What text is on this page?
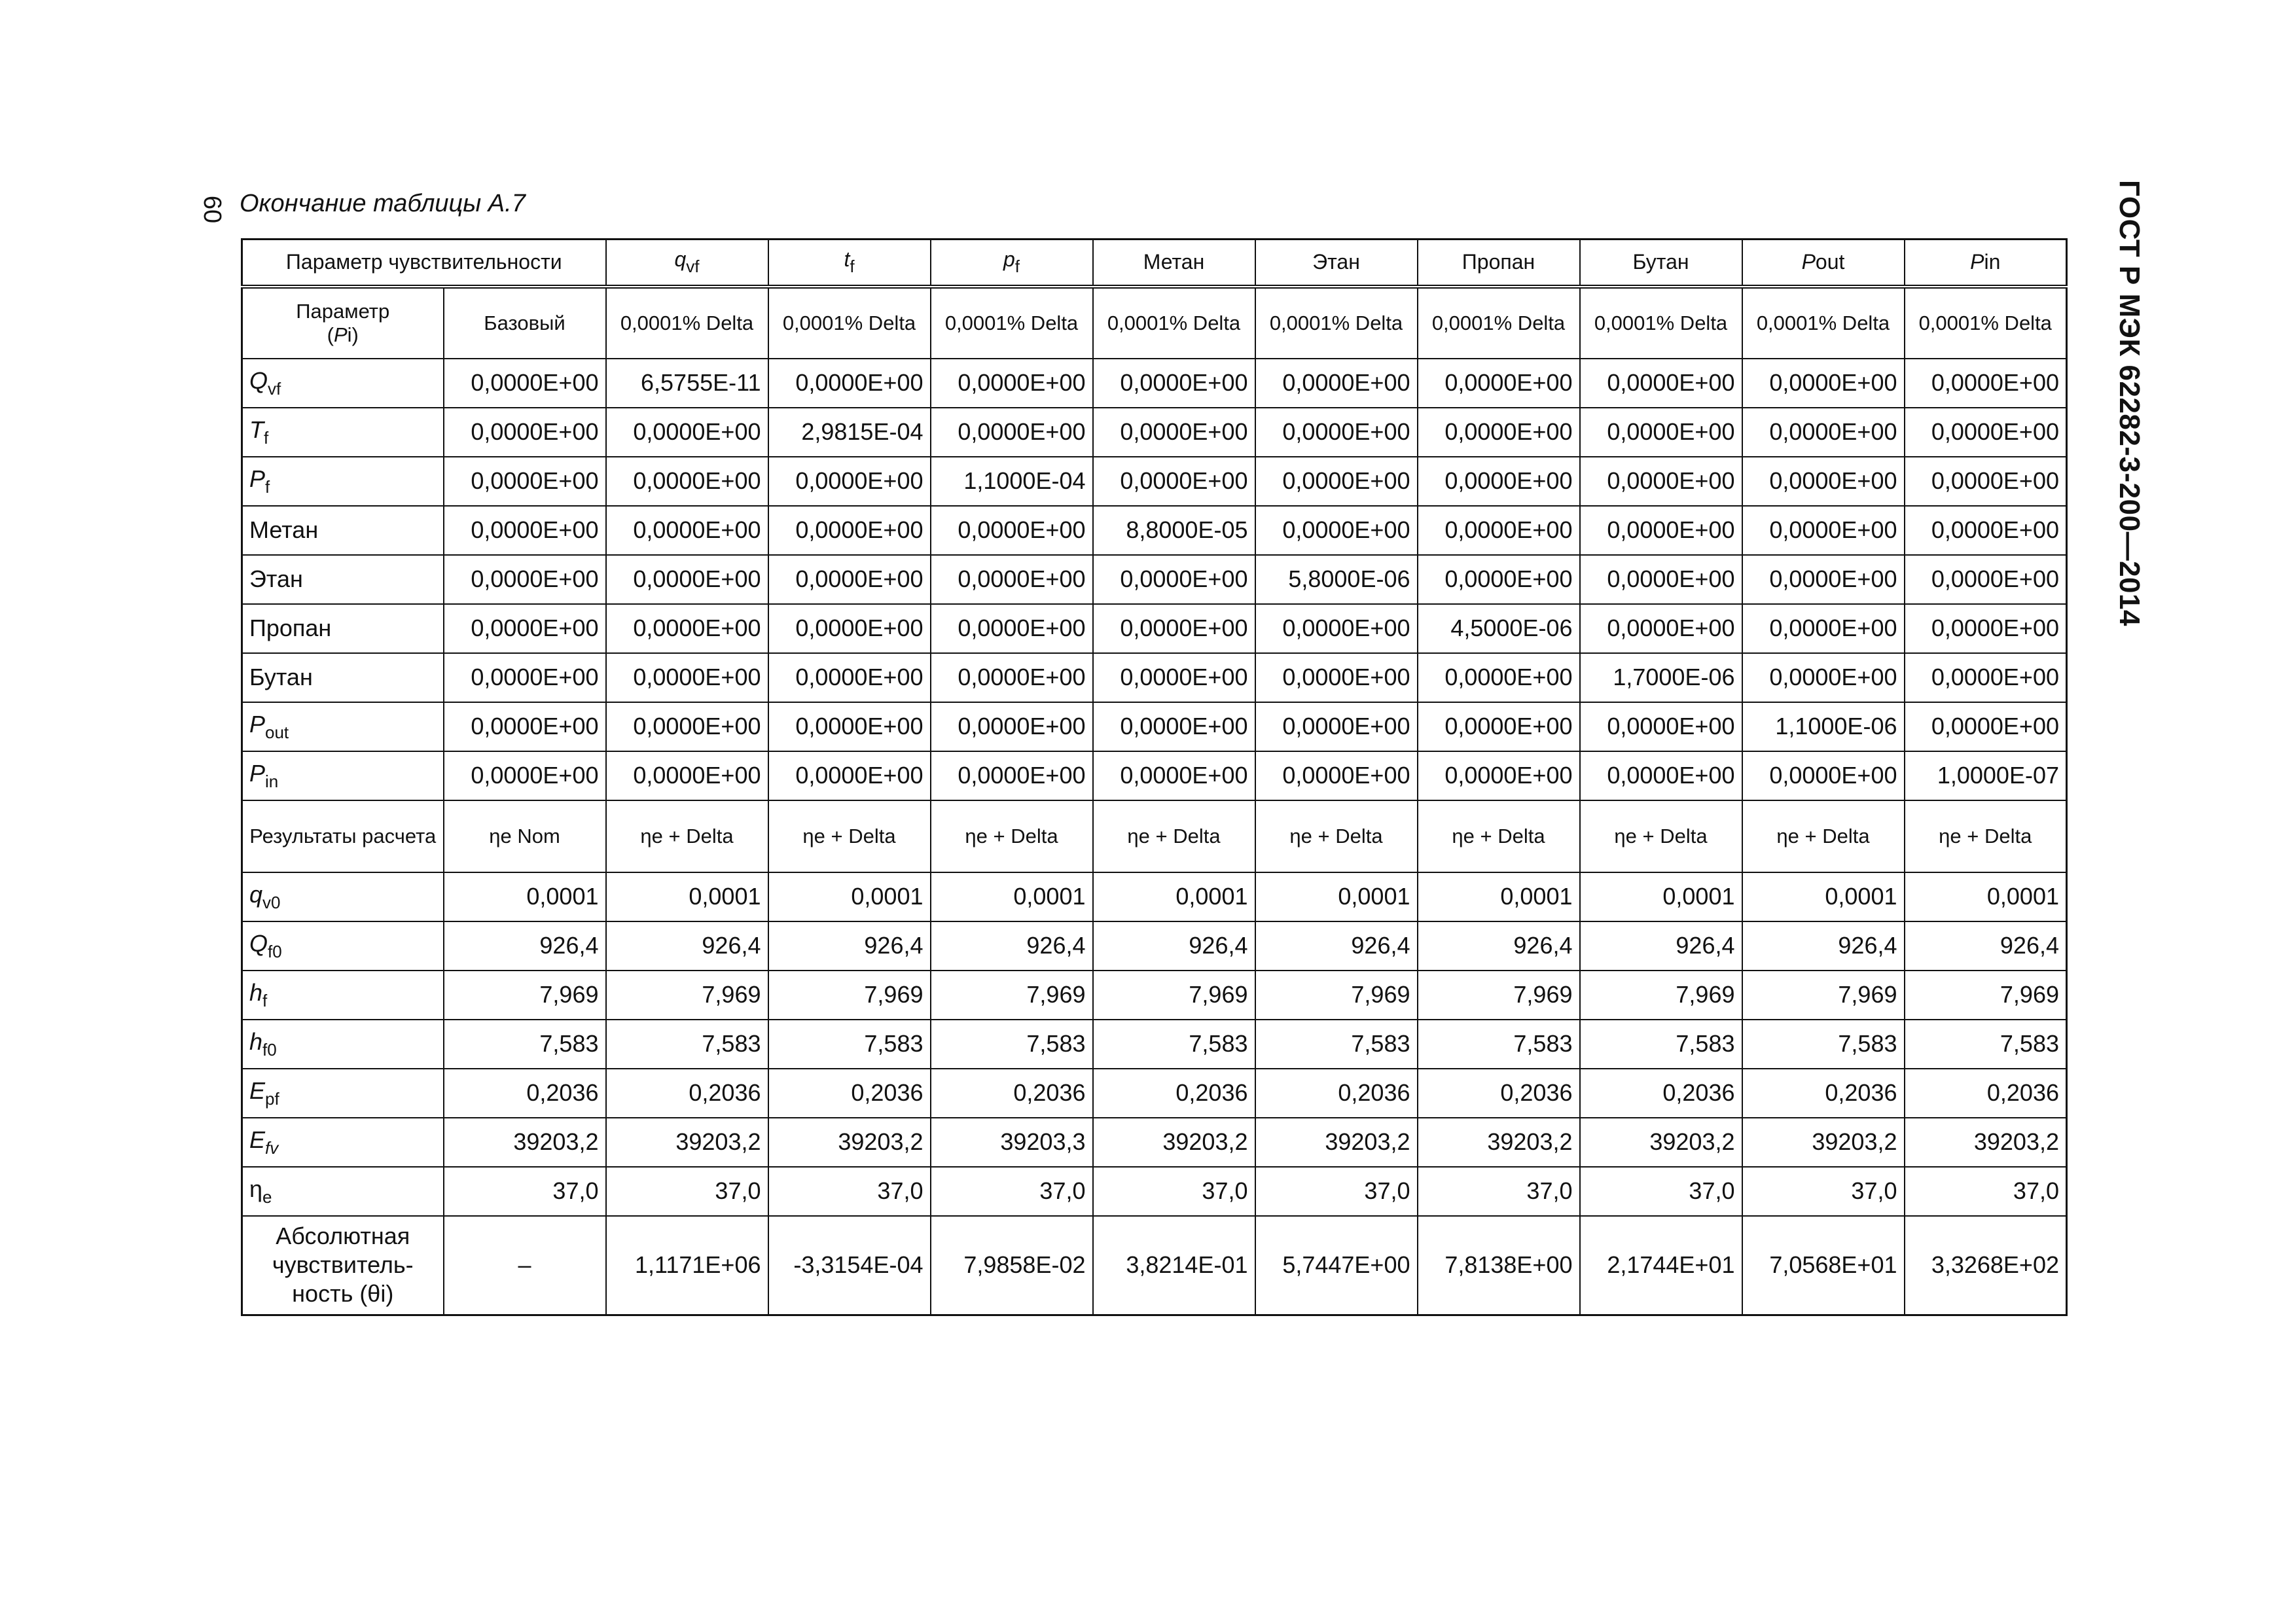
60 Окончание таблицы А.7	ГОСТ Р МЭК 62282-3-200—2014
Параметр чувствительности		$q_{vf}$	$t_f$	$p_f$	Метан	Этан	Пропан	Бутан	Pout	Pin
Параметр
(Pi)	Базовый	0,0001% Delta	0,0001% Delta	0,0001% Delta	0,0001% Delta	0,0001% Delta	0,0001% Delta	0,0001% Delta	0,0001% Delta	0,0001% Delta
$Q_{vf}$	0,0000E+00	6,5755E-11	0,0000E+00	0,0000E+00	0,0000E+00	0,0000E+00	0,0000E+00	0,0000E+00	0,0000E+00	0,0000E+00
$T_f$	0,0000E+00	0,0000E+00	2,9815E-04	0,0000E+00	0,0000E+00	0,0000E+00	0,0000E+00	0,0000E+00	0,0000E+00	0,0000E+00
$P_f$	0,0000E+00	0,0000E+00	0,0000E+00	1,1000E-04	0,0000E+00	0,0000E+00	0,0000E+00	0,0000E+00	0,0000E+00	0,0000E+00
Метан	0,0000E+00	0,0000E+00	0,0000E+00	0,0000E+00	8,8000E-05	0,0000E+00	0,0000E+00	0,0000E+00	0,0000E+00	0,0000E+00
Этан	0,0000E+00	0,0000E+00	0,0000E+00	0,0000E+00	0,0000E+00	5,8000E-06	0,0000E+00	0,0000E+00	0,0000E+00	0,0000E+00
Пропан	0,0000E+00	0,0000E+00	0,0000E+00	0,0000E+00	0,0000E+00	0,0000E+00	4,5000E-06	0,0000E+00	0,0000E+00	0,0000E+00
Бутан	0,0000E+00	0,0000E+00	0,0000E+00	0,0000E+00	0,0000E+00	0,0000E+00	0,0000E+00	1,7000E-06	0,0000E+00	0,0000E+00
$P_{out}$	0,0000E+00	0,0000E+00	0,0000E+00	0,0000E+00	0,0000E+00	0,0000E+00	0,0000E+00	0,0000E+00	1,1000E-06	0,0000E+00
$P_{in}$	0,0000E+00	0,0000E+00	0,0000E+00	0,0000E+00	0,0000E+00	0,0000E+00	0,0000E+00	0,0000E+00	0,0000E+00	1,0000E-07
Результаты расчета	ηe Nom	ηe + Delta	ηe + Delta	ηe + Delta	ηe + Delta	ηe + Delta	ηe + Delta	ηe + Delta	ηe + Delta	ηe + Delta
$q_{v0}$	0,0001	0,0001	0,0001	0,0001	0,0001	0,0001	0,0001	0,0001	0,0001	0,0001
$Q_{f0}$	926,4	926,4	926,4	926,4	926,4	926,4	926,4	926,4	926,4	926,4
$h_f$	7,969	7,969	7,969	7,969	7,969	7,969	7,969	7,969	7,969	7,969
$h_{f0}$	7,583	7,583	7,583	7,583	7,583	7,583	7,583	7,583	7,583	7,583
$E_{pf}$	0,2036	0,2036	0,2036	0,2036	0,2036	0,2036	0,2036	0,2036	0,2036	0,2036
$E_{fv}$	39203,2	39203,2	39203,2	39203,3	39203,2	39203,2	39203,2	39203,2	39203,2	39203,2
$\eta_e$	37,0	37,0	37,0	37,0	37,0	37,0	37,0	37,0	37,0	37,0
Абсолютная чувствитель-ность (θi)	–	1,1171E+06	-3,3154E-04	7,9858E-02	3,8214E-01	5,7447E+00	7,8138E+00	2,1744E+01	7,0568E+01	3,3268E+02
